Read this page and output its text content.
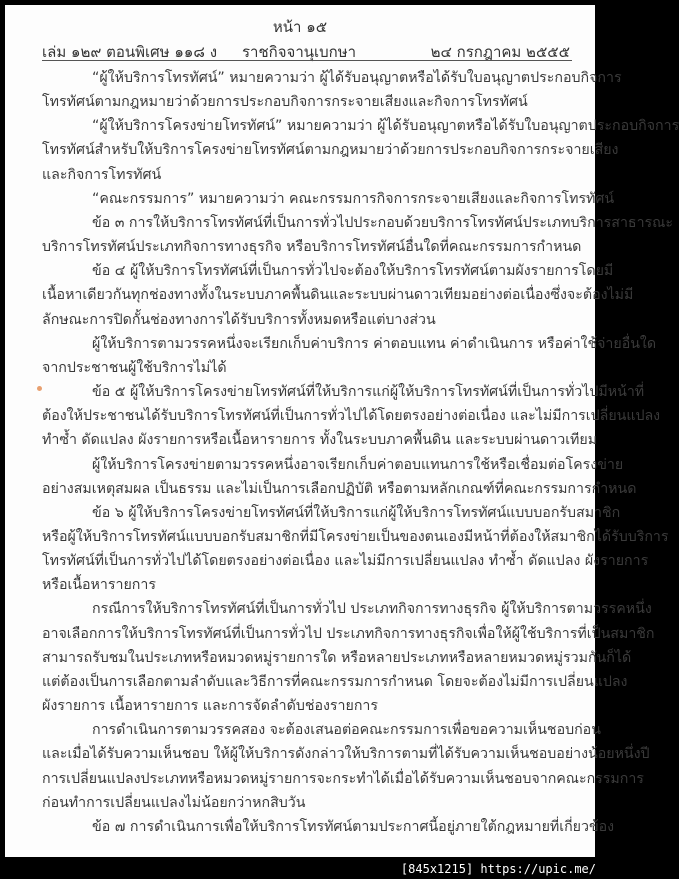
หน้า ๑๕
เล่ม ๑๒๙ ตอนพิเศษ ๑๑๘ ง ราชกิจจานุเบกษา	๒๔ กรกฎาคม ๒๕๕๕
“ผู้ให้บริการโทรทัศน์” หมายความว่า ผู้ได้รับอนุญาตหรือได้รับใบอนุญาตประกอบกิจการ
โทรทัศน์ตามกฎหมายว่าด้วยการประกอบกิจการกระจายเสียงและกิจการโทรทัศน์
“ผู้ให้บริการโครงข่ายโทรทัศน์” หมายความว่า ผู้ได้รับอนุญาตหรือได้รับใบอนุญาตประกอบกิจการ
โทรทัศน์สำหรับให้บริการโครงข่ายโทรทัศน์ตามกฎหมายว่าด้วยการประกอบกิจการกระจายเสียง
และกิจการโทรทัศน์
“คณะกรรมการ” หมายความว่า คณะกรรมการกิจการกระจายเสียงและกิจการโทรทัศน์
ข้อ ๓ การให้บริการโทรทัศน์ที่เป็นการทั่วไปประกอบด้วยบริการโทรทัศน์ประเภทบริการสาธารณะ
บริการโทรทัศน์ประเภทกิจการทางธุรกิจ หรือบริการโทรทัศน์อื่นใดที่คณะกรรมการกำหนด
ข้อ ๔ ผู้ให้บริการโทรทัศน์ที่เป็นการทั่วไปจะต้องให้บริการโทรทัศน์ตามผังรายการโดยมี
เนื้อหาเดียวกันทุกช่องทางทั้งในระบบภาคพื้นดินและระบบผ่านดาวเทียมอย่างต่อเนื่องซึ่งจะต้องไม่มี
ลักษณะการปิดกั้นช่องทางการได้รับบริการทั้งหมดหรือแต่บางส่วน
ผู้ให้บริการตามวรรคหนึ่งจะเรียกเก็บค่าบริการ ค่าตอบแทน ค่าดำเนินการ หรือค่าใช้จ่ายอื่นใด
จากประชาชนผู้ใช้บริการไม่ได้
ข้อ ๕ ผู้ให้บริการโครงข่ายโทรทัศน์ที่ให้บริการแก่ผู้ให้บริการโทรทัศน์ที่เป็นการทั่วไปมีหน้าที่
ต้องให้ประชาชนได้รับบริการโทรทัศน์ที่เป็นการทั่วไปได้โดยตรงอย่างต่อเนื่อง และไม่มีการเปลี่ยนแปลง
ทำซ้ำ ดัดแปลง ผังรายการหรือเนื้อหารายการ ทั้งในระบบภาคพื้นดิน และระบบผ่านดาวเทียม
ผู้ให้บริการโครงข่ายตามวรรคหนึ่งอาจเรียกเก็บค่าตอบแทนการใช้หรือเชื่อมต่อโครงข่าย
อย่างสมเหตุสมผล เป็นธรรม และไม่เป็นการเลือกปฏิบัติ หรือตามหลักเกณฑ์ที่คณะกรรมการกำหนด
ข้อ ๖ ผู้ให้บริการโครงข่ายโทรทัศน์ที่ให้บริการแก่ผู้ให้บริการโทรทัศน์แบบบอกรับสมาชิก
หรือผู้ให้บริการโทรทัศน์แบบบอกรับสมาชิกที่มีโครงข่ายเป็นของตนเองมีหน้าที่ต้องให้สมาชิกได้รับบริการ
โทรทัศน์ที่เป็นการทั่วไปได้โดยตรงอย่างต่อเนื่อง และไม่มีการเปลี่ยนแปลง ทำซ้ำ ดัดแปลง ผังรายการ
หรือเนื้อหารายการ
กรณีการให้บริการโทรทัศน์ที่เป็นการทั่วไป ประเภทกิจการทางธุรกิจ ผู้ให้บริการตามวรรคหนึ่ง
อาจเลือกการให้บริการโทรทัศน์ที่เป็นการทั่วไป ประเภทกิจการทางธุรกิจเพื่อให้ผู้ใช้บริการที่เป็นสมาชิก
สามารถรับชมในประเภทหรือหมวดหมู่รายการใด หรือหลายประเภทหรือหลายหมวดหมู่รวมกันก็ได้
แต่ต้องเป็นการเลือกตามลำดับและวิธีการที่คณะกรรมการกำหนด โดยจะต้องไม่มีการเปลี่ยนแปลง
ผังรายการ เนื้อหารายการ และการจัดลำดับช่องรายการ
การดำเนินการตามวรรคสอง จะต้องเสนอต่อคณะกรรมการเพื่อขอความเห็นชอบก่อน
และเมื่อได้รับความเห็นชอบ ให้ผู้ให้บริการดังกล่าวให้บริการตามที่ได้รับความเห็นชอบอย่างน้อยหนึ่งปี
การเปลี่ยนแปลงประเภทหรือหมวดหมู่รายการจะกระทำได้เมื่อได้รับความเห็นชอบจากคณะกรรมการ
ก่อนทำการเปลี่ยนแปลงไม่น้อยกว่าหกสิบวัน
ข้อ ๗ การดำเนินการเพื่อให้บริการโทรทัศน์ตามประกาศนี้อยู่ภายใต้กฎหมายที่เกี่ยวข้อง
[845x1215] https://upic.me/
